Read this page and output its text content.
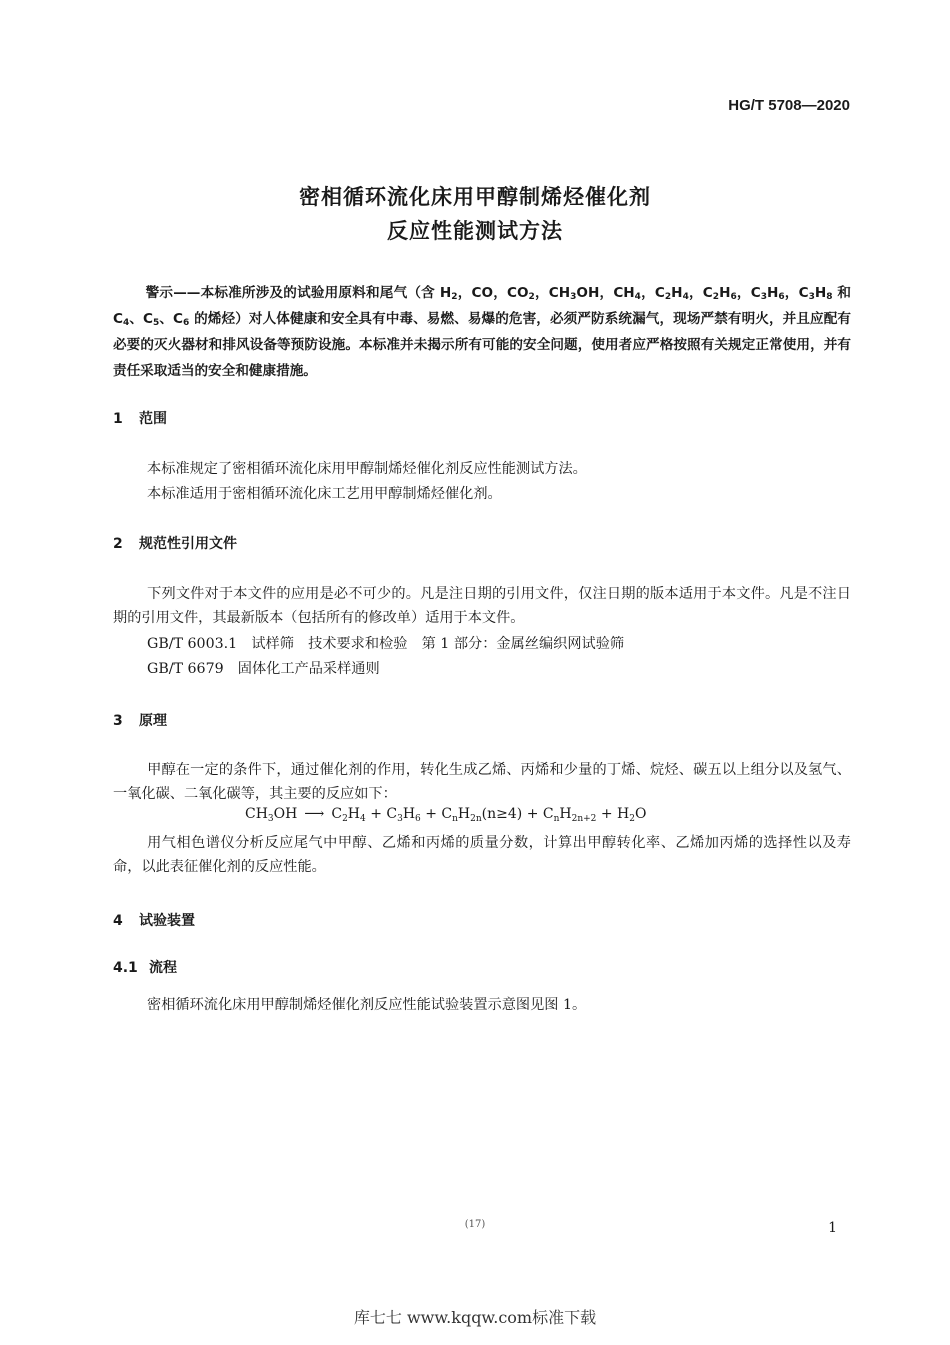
HG/T 5708—2020
密相循环流化床用甲醇制烯烃催化剂
反应性能测试方法
警示——本标准所涉及的试验用原料和尾气（含 $H_2$，CO，$CO_2$，$CH_3OH$，$CH_4$，$C_2H_4$，$C_2H_6$，$C_3H_6$，$C_3H_8$ 和 $C_4$、$C_5$、$C_6$ 的烯烃）对人体健康和安全具有中毒、易燃、易爆的危害，必须严防系统漏气，现场严禁有明火，并且应配有必要的灭火器材和排风设备等预防设施。本标准并未揭示所有可能的安全问题，使用者应严格按照有关规定正常使用，并有责任采取适当的安全和健康措施。
1 范围
本标准规定了密相循环流化床用甲醇制烯烃催化剂反应性能测试方法。
本标准适用于密相循环流化床工艺用甲醇制烯烃催化剂。
2 规范性引用文件
下列文件对于本文件的应用是必不可少的。凡是注日期的引用文件，仅注日期的版本适用于本文件。凡是不注日期的引用文件，其最新版本（包括所有的修改单）适用于本文件。
GB/T 6003.1　试样筛　技术要求和检验　第 1 部分：金属丝编织网试验筛
GB/T 6679　固体化工产品采样通则
3 原理
甲醇在一定的条件下，通过催化剂的作用，转化生成乙烯、丙烯和少量的丁烯、烷烃、碳五以上组分以及氢气、一氧化碳、二氧化碳等，其主要的反应如下：
$CH_3OH$ ⟶ $C_2H_4 + C_3H_6 + C_nH_{2n}(n\ge 4) + C_nH_{2n+2} + H_2O$
用气相色谱仪分析反应尾气中甲醇、乙烯和丙烯的质量分数，计算出甲醇转化率、乙烯加丙烯的选择性以及寿命，以此表征催化剂的反应性能。
4 试验装置
4.1 流程
密相循环流化床用甲醇制烯烃催化剂反应性能试验装置示意图见图 1。
(17)	1
库七七 www.kqqw.com标准下载
